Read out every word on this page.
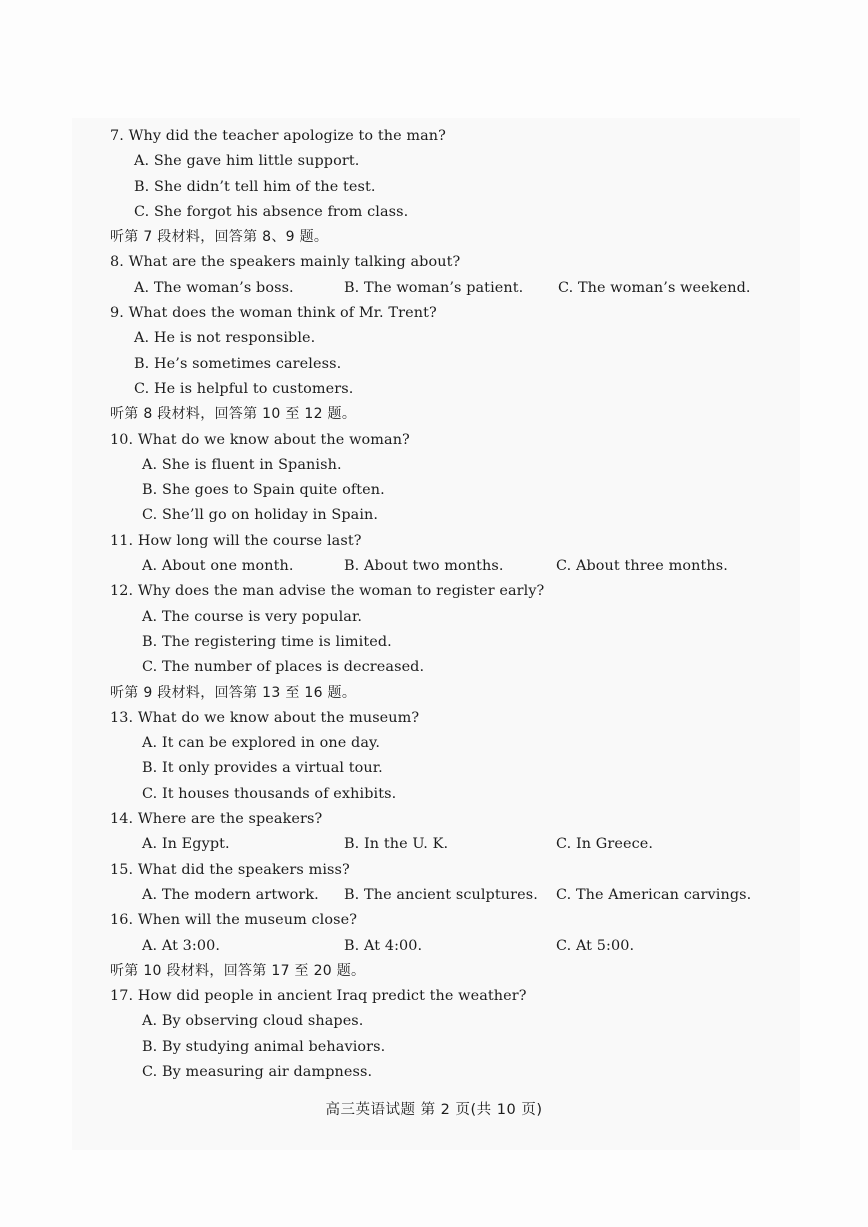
7. Why did the teacher apologize to the man?
A. She gave him little support.
B. She didn’t tell him of the test.
C. She forgot his absence from class.
听第 7 段材料，回答第 8、9 题。
8. What are the speakers mainly talking about?
A. The woman’s boss.	B. The woman’s patient. C. The woman’s weekend.
9. What does the woman think of Mr. Trent?
A. He is not responsible.
B. He’s sometimes careless.
C. He is helpful to customers.
听第 8 段材料，回答第 10 至 12 题。
10. What do we know about the woman?
A. She is fluent in Spanish.
B. She goes to Spain quite often.
C. She’ll go on holiday in Spain.
11. How long will the course last?
A. About one month.	B. About two months.	C. About three months.
12. Why does the man advise the woman to register early?
A. The course is very popular.
B. The registering time is limited.
C. The number of places is decreased.
听第 9 段材料，回答第 13 至 16 题。
13. What do we know about the museum?
A. It can be explored in one day.
B. It only provides a virtual tour.
C. It houses thousands of exhibits.
14. Where are the speakers?
A. In Egypt.	B. In the U. K.	C. In Greece.
15. What did the speakers miss?
A. The modern artwork. B. The ancient sculptures. C. The American carvings.
16. When will the museum close?
A. At 3:00.	B. At 4:00.	C. At 5:00.
听第 10 段材料，回答第 17 至 20 题。
17. How did people in ancient Iraq predict the weather?
A. By observing cloud shapes.
B. By studying animal behaviors.
C. By measuring air dampness.
高三英语试题 第 2 页(共 10 页)
